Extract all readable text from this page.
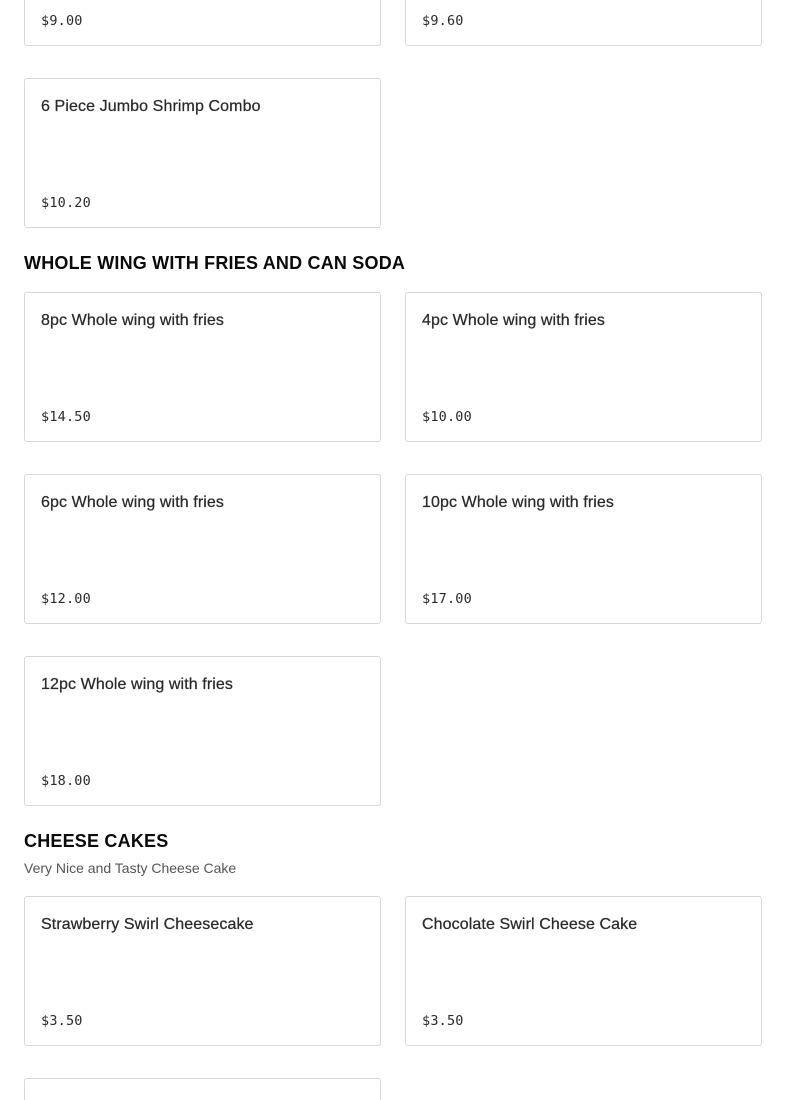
$9.00	$9.60
6 Piece Jumbo Shrimp Combo
$10.20
WHOLE WING WITH FRIES AND CAN SODA
8pc Whole wing with fries
$14.50
4pc Whole wing with fries
$10.00
6pc Whole wing with fries
$12.00
10pc Whole wing with fries
$17.00
12pc Whole wing with fries
$18.00
CHEESE CAKES

Very Nice and Tasty Cheese Cake

Strawberry Swirl Cheesecake
$3.50
Chocolate Swirl Cheese Cake
$3.50
